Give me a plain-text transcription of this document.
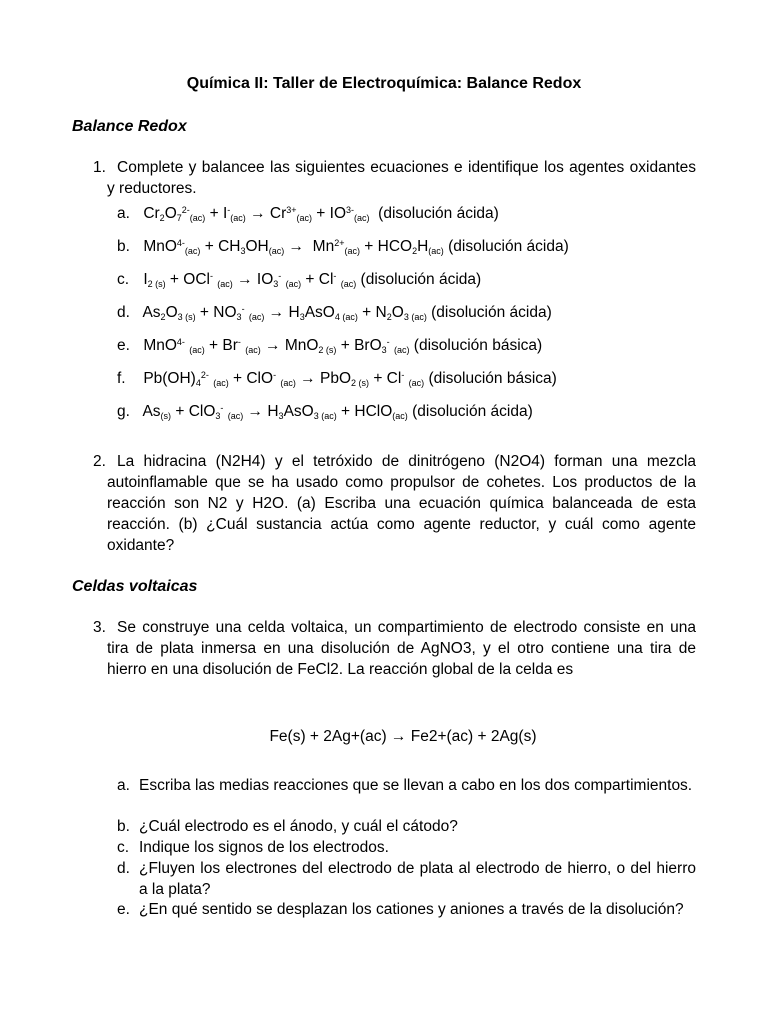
Química II: Taller de Electroquímica: Balance Redox
Balance Redox
1. Complete y balancee las siguientes ecuaciones e identifique los agentes oxidantes y reductores.
a. $Cr_2O_7^{2-}(ac) + I^-(ac) \to Cr^{3+}(ac) + IO^{3-}(ac)$ (disolución ácida)
b. $MnO^{4-}(ac) + CH_3OH(ac) \to Mn^{2+}(ac) + HCO_2H(ac)$ (disolución ácida)
c. I2 (s) + OCl- $(ac) \to IO_3^-$ (ac) + Cl- (ac) (disolución ácida)
d. $As_2O3$ $(s) + NO_3^-$ $(ac) \to H_3AsO4$ $(ac) + N_2O3$ (ac) (disolución ácida)
e. MnO$^{4-}$ (ac) + Br- (ac) → MnO2 (s) + BrO$_3$- (ac) (disolución básica)
f. $Pb(OH)_4^{2-}$ (ac) + ClO- (ac) → PbO2 (s) + Cl- (ac) (disolución básica)
g. As(s) + ClO$_3$- $(ac) \to H_3AsO3$ (ac) + HClO(ac) (disolución ácida)
2. La hidracina (N2H4) y el tetróxido de dinitrógeno (N2O4) forman una mezcla autoinflamable que se ha usado como propulsor de cohetes. Los productos de la reacción son N2 y H2O. (a) Escriba una ecuación química balanceada de esta reacción. (b) ¿Cuál sustancia actúa como agente reductor, y cuál como agente oxidante?
Celdas voltaicas
3. Se construye una celda voltaica, un compartimiento de electrodo consiste en una tira de plata inmersa en una disolución de AgNO3, y el otro contiene una tira de hierro en una disolución de FeCl2. La reacción global de la celda es
Fe(s) + 2Ag+(ac) → Fe2+(ac) + 2Ag(s)
a. Escriba las medias reacciones que se llevan a cabo en los dos compartimientos.
b. ¿Cuál electrodo es el ánodo, y cuál el cátodo?
c. Indique los signos de los electrodos.
d. ¿Fluyen los electrones del electrodo de plata al electrodo de hierro, o del hierro a la plata?
e. ¿En qué sentido se desplazan los cationes y aniones a través de la disolución?
